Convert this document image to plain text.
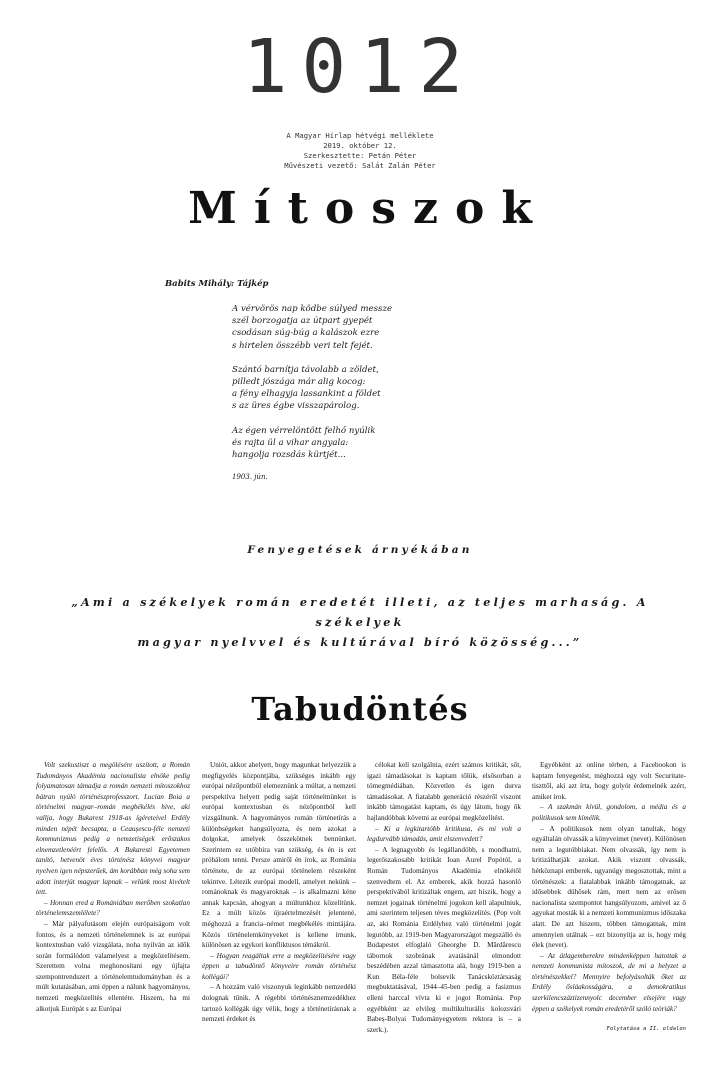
1012
A Magyar Hírlap hétvégi melléklete
2019. október 12.
Szerkesztette: Petán Péter
Művészeti vezető: Salát Zalán Péter
Mítoszok
Babits Mihály: Tájkép
A vérvörös nap ködbe súlyed messze
szél borzogatja az útpart gyepét
csodásan súg-búg a kalászok ezre
s hirtelen összébb veri telt fejét.
Szántó barnítja távolabb a zöldet,
pilledt jószága már alig kocog:
a fény elhagyja lassankint a földet
s az üres égbe visszapárolog.
Az égen vérrelöntött felhő nyúlik
és rajta ül a vihar angyala:
hangolja rozsdás kürtjét...
1903. jún.
Fenyegetések árnyékában
„Ami a székelyek román eredetét illeti, az teljes marhaság. A székelyek
magyar nyelvvel és kultúrával bíró közösség...”
Tabudöntés

Volt szekustiszt a megölésére uszított, a Román Tudományos Akadémia nacionalista elnöke pedig folyamatosan támadja a román nemzeti mítoszokhoz bátran nyúló történészprofesszort. Lucian Boia a történelmi magyar–román megbékélés híve, aki vallja, hogy Bukarest 1918-as ígéreteivel Erdély minden népét becsapta, a Ceaușescu-féle nemzeti kommunizmus pedig a nemzetiségek erőszakos elnemzetlenéért felelős. A Bukaresti Egyetemen tanító, hetvenöt éves történész könyvei magyar nyelven igen népszerűek, ám korábban még soha sem adott interjút magyar lapnak – velünk most kivételt tett.

– Honnan ered a Romániában merőben szokatlan történelemszemlélete?

– Már pályafutásom elején európaiságom volt fontos, és a nemzeti történelemnek is az európai kontextusban való vizsgálata, noha nyilván az idők során formálódott valamelyest a megközelítésem. Szerettem volna meghonosítani egy újfajta szempontrendszert a történelemtudományban és a múlt kutatásában, ami éppen a nálunk hagyományos, nemzeti megközelítés ellentéte. Hiszem, ha mi alkotjuk Európát s az Európai

Uniót, akkor ahelyett, hogy magunkat helyezzük a megfigyelés központjába, szükséges inkább egy európai nézőpontból elemeznünk a múltat, a nemzeti perspektíva helyett pedig saját történelmünket is európai kontextusban és nézőpontból kell vizsgálnunk. A hagyományos román történetírás a különbségeket hangsúlyozta, és nem azokat a dolgokat, amelyek összekötnek bennünket. Szerintem ez utóbbira van szükség, és én is ezt próbálom tenni. Persze amiről én írok, az Románia története, de az európai történelem részeként tekintve. Létezik európai modell, amelyet nekünk – románoknak és magyaroknak – is alkalmazni kéne annak kapcsán, ahogyan a múltunkhoz közelítünk. Ez a múlt közös újraértelmezését jelentené, méghozzá a francia–német megbékélés mintájára. Közös történelemkönyveket is kellene írnunk, különösen az egykori konfliktusos témákról.

– Hogyan reagáltak erre a megközelítésére vagy éppen a tabudöntő könyveire román történész kollégái?

– A hozzám való viszonyuk leginkább nemzedéki dolognak tűnik. A régebbi történésznemzedékhez tartozó kollégák úgy vélik, hogy a történetírásnak a nemzeti érdeket és

célokat kell szolgálnia, ezért számos kritikát, sőt, igazi támadásokat is kaptam tőlük, elsősorban a tömegmédiában. Közvetlen és igen durva támadásokat. A fiatalabb generáció részéről viszont inkább támogatást kaptam, és úgy látom, hogy ők hajlandóbbak követni az európai megközelítést.

– Ki a legkitartóbb kritikusa, és mi volt a legdurvább támadás, amit elszenvedett?

– A legnagyobb és legállandóbb, s mondhatni, legerőszakosabb kritikát Ioan Aurel Popótól, a Román Tudományos Akadémia elnökétől szenvedtem el. Az emberek, akik hozzá hasonló perspektívából kritizáltak engem, azt hiszik, hogy a nemzet jogainak történelmi jogokon kell alapulniuk, ami szerintem teljesen téves megközelítés. (Pop volt az, aki Románia Erdélyhez való történelmi jogát legutóbb, az 1919-ben Magyarországot megszálló és Budapestet elfoglaló Gheorghe D. Mărdărescu tábornok szobrának avatásánál elmondott beszédében azzal támasztotta alá, hogy 1919-ben a Kun Béla-féle bolsevik Tanácsköztársaság megbuktatásával, 1944–45-ben pedig a fasizmus elleni harccal vívta ki e jogot Románia. Pop egyébként az elvileg multikulturális kolozsvári Babeș-Bolyai Tudományegyetem rektora is – a szerk.).

Egyébként az online térben, a Facebookon is kaptam fenyegetést, méghozzá egy volt Securitate-tiszttől, aki azt írta, hogy golyót érdemelnék azért, amiket írok.

– A szakmán kívül, gondolom, a média és a politikusok sem kímélik.

– A politikusok nem olyan tanultak, hogy egyáltalán olvassák a könyveimet (nevet). Különösen nem a legutóbbiakat. Nem olvassák, így nem is kritizálhatják azokat. Akik viszont olvassák, hétköznapi emberek, ugyanúgy megosztottak, mint a történészek: a fiatalabbak inkább támogatnak, az idősebbek dühösek rám, mert nem az erősen nacionalista szempontot hangsúlyozom, amivel az ő agyukat mosták ki a nemzeti kommunizmus időszaka alatt. De azt hiszem, többen támogatnak, mint amennyien utálnak – ezt bizonyítja az is, hogy még élek (nevet).

– Az átlagemberekre mindenképpen hatottak a nemzeti kommunista mítoszok, de mi a helyzet a történészekkel? Mennyire befolyásolták őket az Erdély ősláakosságára, a demokratikus szerkilencszáztizennyolc december elsejére vagy éppen a székelyek román eredetéről szóló teóriák?

Folytatása a II. oldalon
